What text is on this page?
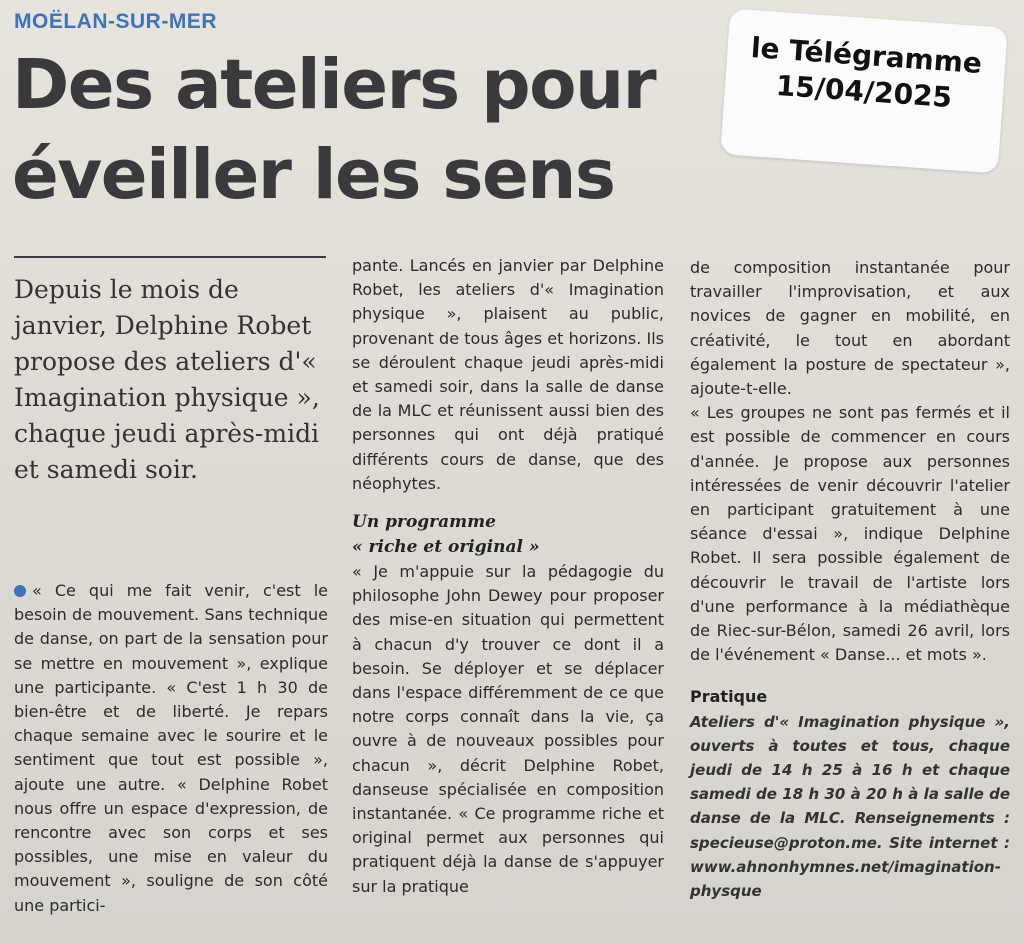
MOËLAN-SUR-MER
Des ateliers pour éveiller les sens
le Télégramme
15/04/2025
Depuis le mois de janvier, Delphine Robet propose des ateliers d'« Imagination physique », chaque jeudi après-midi et samedi soir.

« Ce qui me fait venir, c'est le besoin de mouvement. Sans technique de danse, on part de la sensation pour se mettre en mouvement », explique une participante. « C'est 1 h 30 de bien-être et de liberté. Je repars chaque semaine avec le sourire et le sentiment que tout est possible », ajoute une autre. « Delphine Robet nous offre un espace d'expression, de rencontre avec son corps et ses possibles, une mise en valeur du mouvement », souligne de son côté une partici-

pante. Lancés en janvier par Delphine Robet, les ateliers d'« Imagination physique », plaisent au public, provenant de tous âges et horizons. Ils se déroulent chaque jeudi après-midi et samedi soir, dans la salle de danse de la MLC et réunissent aussi bien des personnes qui ont déjà pratiqué différents cours de danse, que des néophytes.

Un programme
« riche et original »

« Je m'appuie sur la pédagogie du philosophe John Dewey pour proposer des mise-en situation qui permettent à chacun d'y trouver ce dont il a besoin. Se déployer et se déplacer dans l'espace différemment de ce que notre corps connaît dans la vie, ça ouvre à de nouveaux possibles pour chacun », décrit Delphine Robet, danseuse spécialisée en composition instantanée. « Ce programme riche et original permet aux personnes qui pratiquent déjà la danse de s'appuyer sur la pratique

de composition instantanée pour travailler l'improvisation, et aux novices de gagner en mobilité, en créativité, le tout en abordant également la posture de spectateur », ajoute-t-elle.

« Les groupes ne sont pas fermés et il est possible de commencer en cours d'année. Je propose aux personnes intéressées de venir découvrir l'atelier en participant gratuitement à une séance d'essai », indique Delphine Robet. Il sera possible également de découvrir le travail de l'artiste lors d'une performance à la médiathèque de Riec-sur-Bélon, samedi 26 avril, lors de l'événement « Danse... et mots ».

Pratique

Ateliers d'« Imagination physique », ouverts à toutes et tous, chaque jeudi de 14 h 25 à 16 h et chaque samedi de 18 h 30 à 20 h à la salle de danse de la MLC. Renseignements : specieuse@proton.me. Site internet : www.ahnonhymnes.net/imagination-physque
